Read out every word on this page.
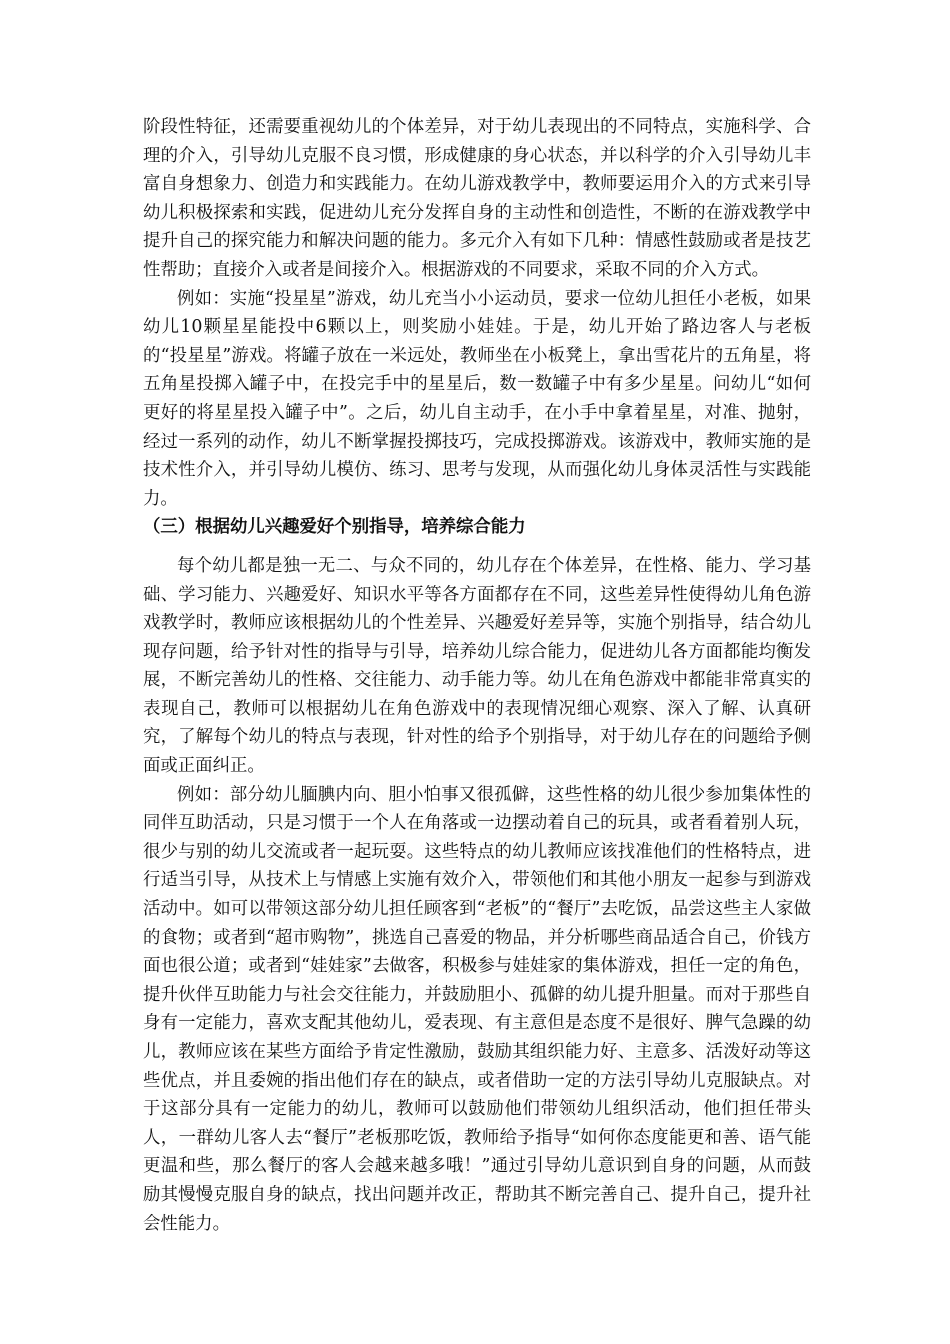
阶段性特征，还需要重视幼儿的个体差异，对于幼儿表现出的不同特点，实施科学、合理的介入，引导幼儿克服不良习惯，形成健康的身心状态，并以科学的介入引导幼儿丰富自身想象力、创造力和实践能力。在幼儿游戏教学中，教师要运用介入的方式来引导幼儿积极探索和实践，促进幼儿充分发挥自身的主动性和创造性，不断的在游戏教学中提升自己的探究能力和解决问题的能力。多元介入有如下几种：情感性鼓励或者是技艺性帮助；直接介入或者是间接介入。根据游戏的不同要求，采取不同的介入方式。

例如：实施“投星星”游戏，幼儿充当小小运动员，要求一位幼儿担任小老板，如果幼儿10颗星星能投中6颗以上，则奖励小娃娃。于是，幼儿开始了路边客人与老板的“投星星”游戏。将罐子放在一米远处，教师坐在小板凳上，拿出雪花片的五角星，将五角星投掷入罐子中，在投完手中的星星后，数一数罐子中有多少星星。问幼儿“如何更好的将星星投入罐子中”。之后，幼儿自主动手，在小手中拿着星星，对准、抛射，经过一系列的动作，幼儿不断掌握投掷技巧，完成投掷游戏。该游戏中，教师实施的是技术性介入，并引导幼儿模仿、练习、思考与发现，从而强化幼儿身体灵活性与实践能力。

（三）根据幼儿兴趣爱好个别指导，培养综合能力

每个幼儿都是独一无二、与众不同的，幼儿存在个体差异，在性格、能力、学习基础、学习能力、兴趣爱好、知识水平等各方面都存在不同，这些差异性使得幼儿角色游戏教学时，教师应该根据幼儿的个性差异、兴趣爱好差异等，实施个别指导，结合幼儿现存问题，给予针对性的指导与引导，培养幼儿综合能力，促进幼儿各方面都能均衡发展，不断完善幼儿的性格、交往能力、动手能力等。幼儿在角色游戏中都能非常真实的表现自己，教师可以根据幼儿在角色游戏中的表现情况细心观察、深入了解、认真研究，了解每个幼儿的特点与表现，针对性的给予个别指导，对于幼儿存在的问题给予侧面或正面纠正。

例如：部分幼儿腼腆内向、胆小怕事又很孤僻，这些性格的幼儿很少参加集体性的同伴互助活动，只是习惯于一个人在角落或一边摆动着自己的玩具，或者看着别人玩，很少与别的幼儿交流或者一起玩耍。这些特点的幼儿教师应该找准他们的性格特点，进行适当引导，从技术上与情感上实施有效介入，带领他们和其他小朋友一起参与到游戏活动中。如可以带领这部分幼儿担任顾客到“老板”的“餐厅”去吃饭，品尝这些主人家做的食物；或者到“超市购物”，挑选自己喜爱的物品，并分析哪些商品适合自己，价钱方面也很公道；或者到“娃娃家”去做客，积极参与娃娃家的集体游戏，担任一定的角色，提升伙伴互助能力与社会交往能力，并鼓励胆小、孤僻的幼儿提升胆量。而对于那些自身有一定能力，喜欢支配其他幼儿，爱表现、有主意但是态度不是很好、脾气急躁的幼儿，教师应该在某些方面给予肯定性激励，鼓励其组织能力好、主意多、活泼好动等这些优点，并且委婉的指出他们存在的缺点，或者借助一定的方法引导幼儿克服缺点。对于这部分具有一定能力的幼儿，教师可以鼓励他们带领幼儿组织活动，他们担任带头人，一群幼儿客人去“餐厅”老板那吃饭，教师给予指导“如何你态度能更和善、语气能更温和些，那么餐厅的客人会越来越多哦！”通过引导幼儿意识到自身的问题，从而鼓励其慢慢克服自身的缺点，找出问题并改正，帮助其不断完善自己、提升自己，提升社会性能力。
